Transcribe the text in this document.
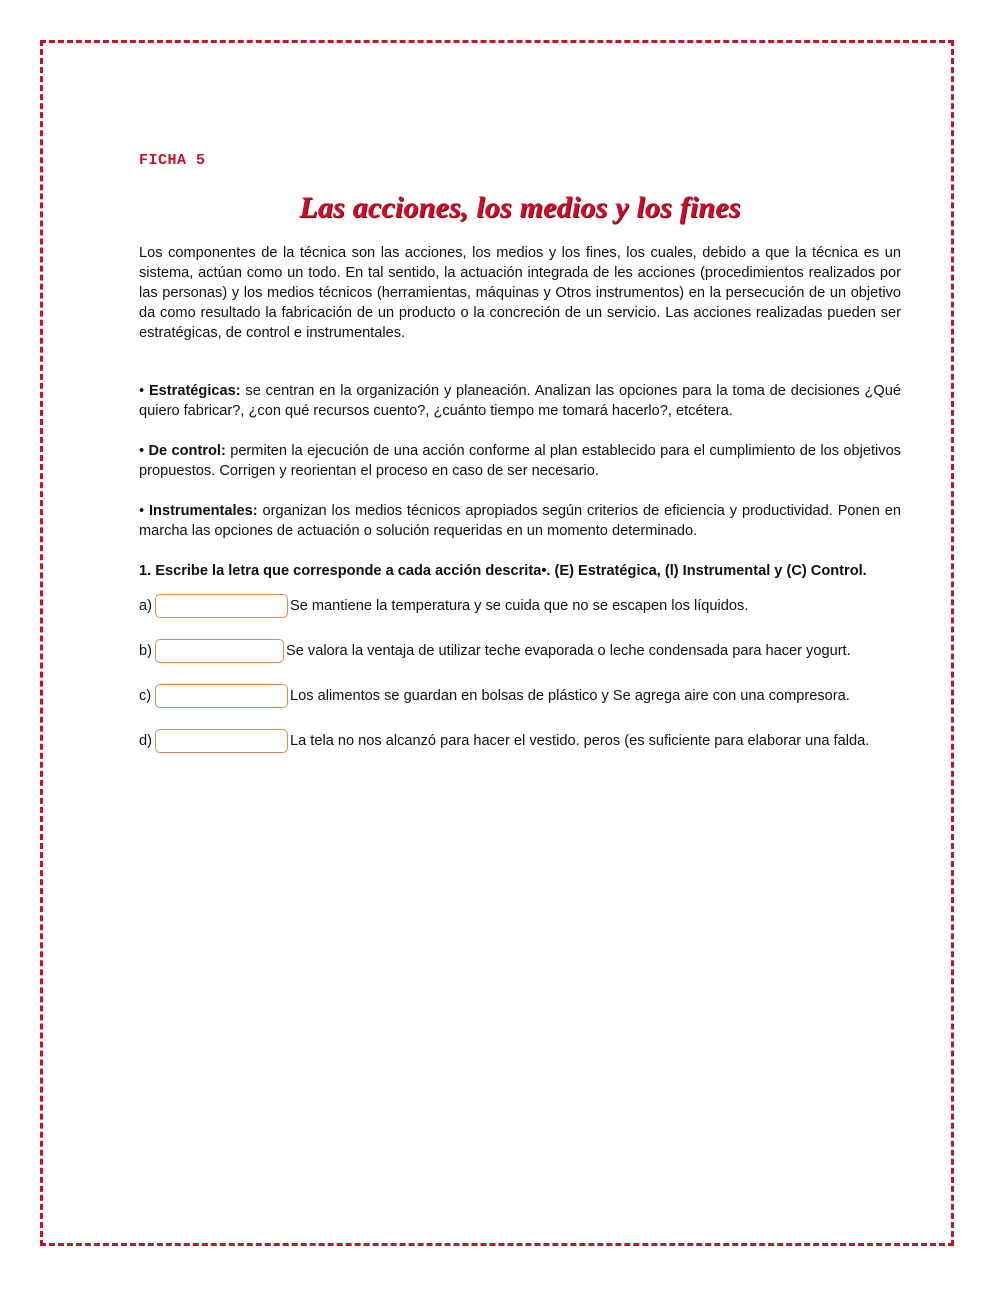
FICHA 5
Las acciones, los medios y los fines
Los componentes de la técnica son las acciones, los medios y los fines, los cuales, debido a que la técnica es un sistema, actúan como un todo. En tal sentido, la actuación integrada de les acciones (procedimientos realizados por las personas) y los medios técnicos (herramientas, máquinas y Otros instrumentos) en la persecución de un objetivo da como resultado la fabricación de un producto o la concreción de un servicio. Las acciones realizadas pueden ser estratégicas, de control e instrumentales.
• Estratégicas: se centran en la organización y planeación. Analizan las opciones para la toma de decisiones ¿Qué quiero fabricar?, ¿con qué recursos cuento?, ¿cuánto tiempo me tomará hacerlo?, etcétera.
• De control: permiten la ejecución de una acción conforme al plan establecido para el cumplimiento de los objetivos propuestos. Corrigen y reorientan el proceso en caso de ser necesario.
• Instrumentales: organizan los medios técnicos apropiados según criterios de eficiencia y productividad. Ponen en marcha las opciones de actuación o solución requeridas en un momento determinado.
1. Escribe la letra que corresponde a cada acción descrita•. (E) Estratégica, (l) Instrumental y (C) Control.
a)	Se mantiene la temperatura y se cuida que no se escapen los líquidos.
b)	Se valora la ventaja de utilizar teche evaporada o leche condensada para hacer yogurt.
c)	Los alimentos se guardan en bolsas de plástico y Se agrega aire con una compresora.
d)	La tela no nos alcanzó para hacer el vestido. peros (es suficiente para elaborar una falda.
